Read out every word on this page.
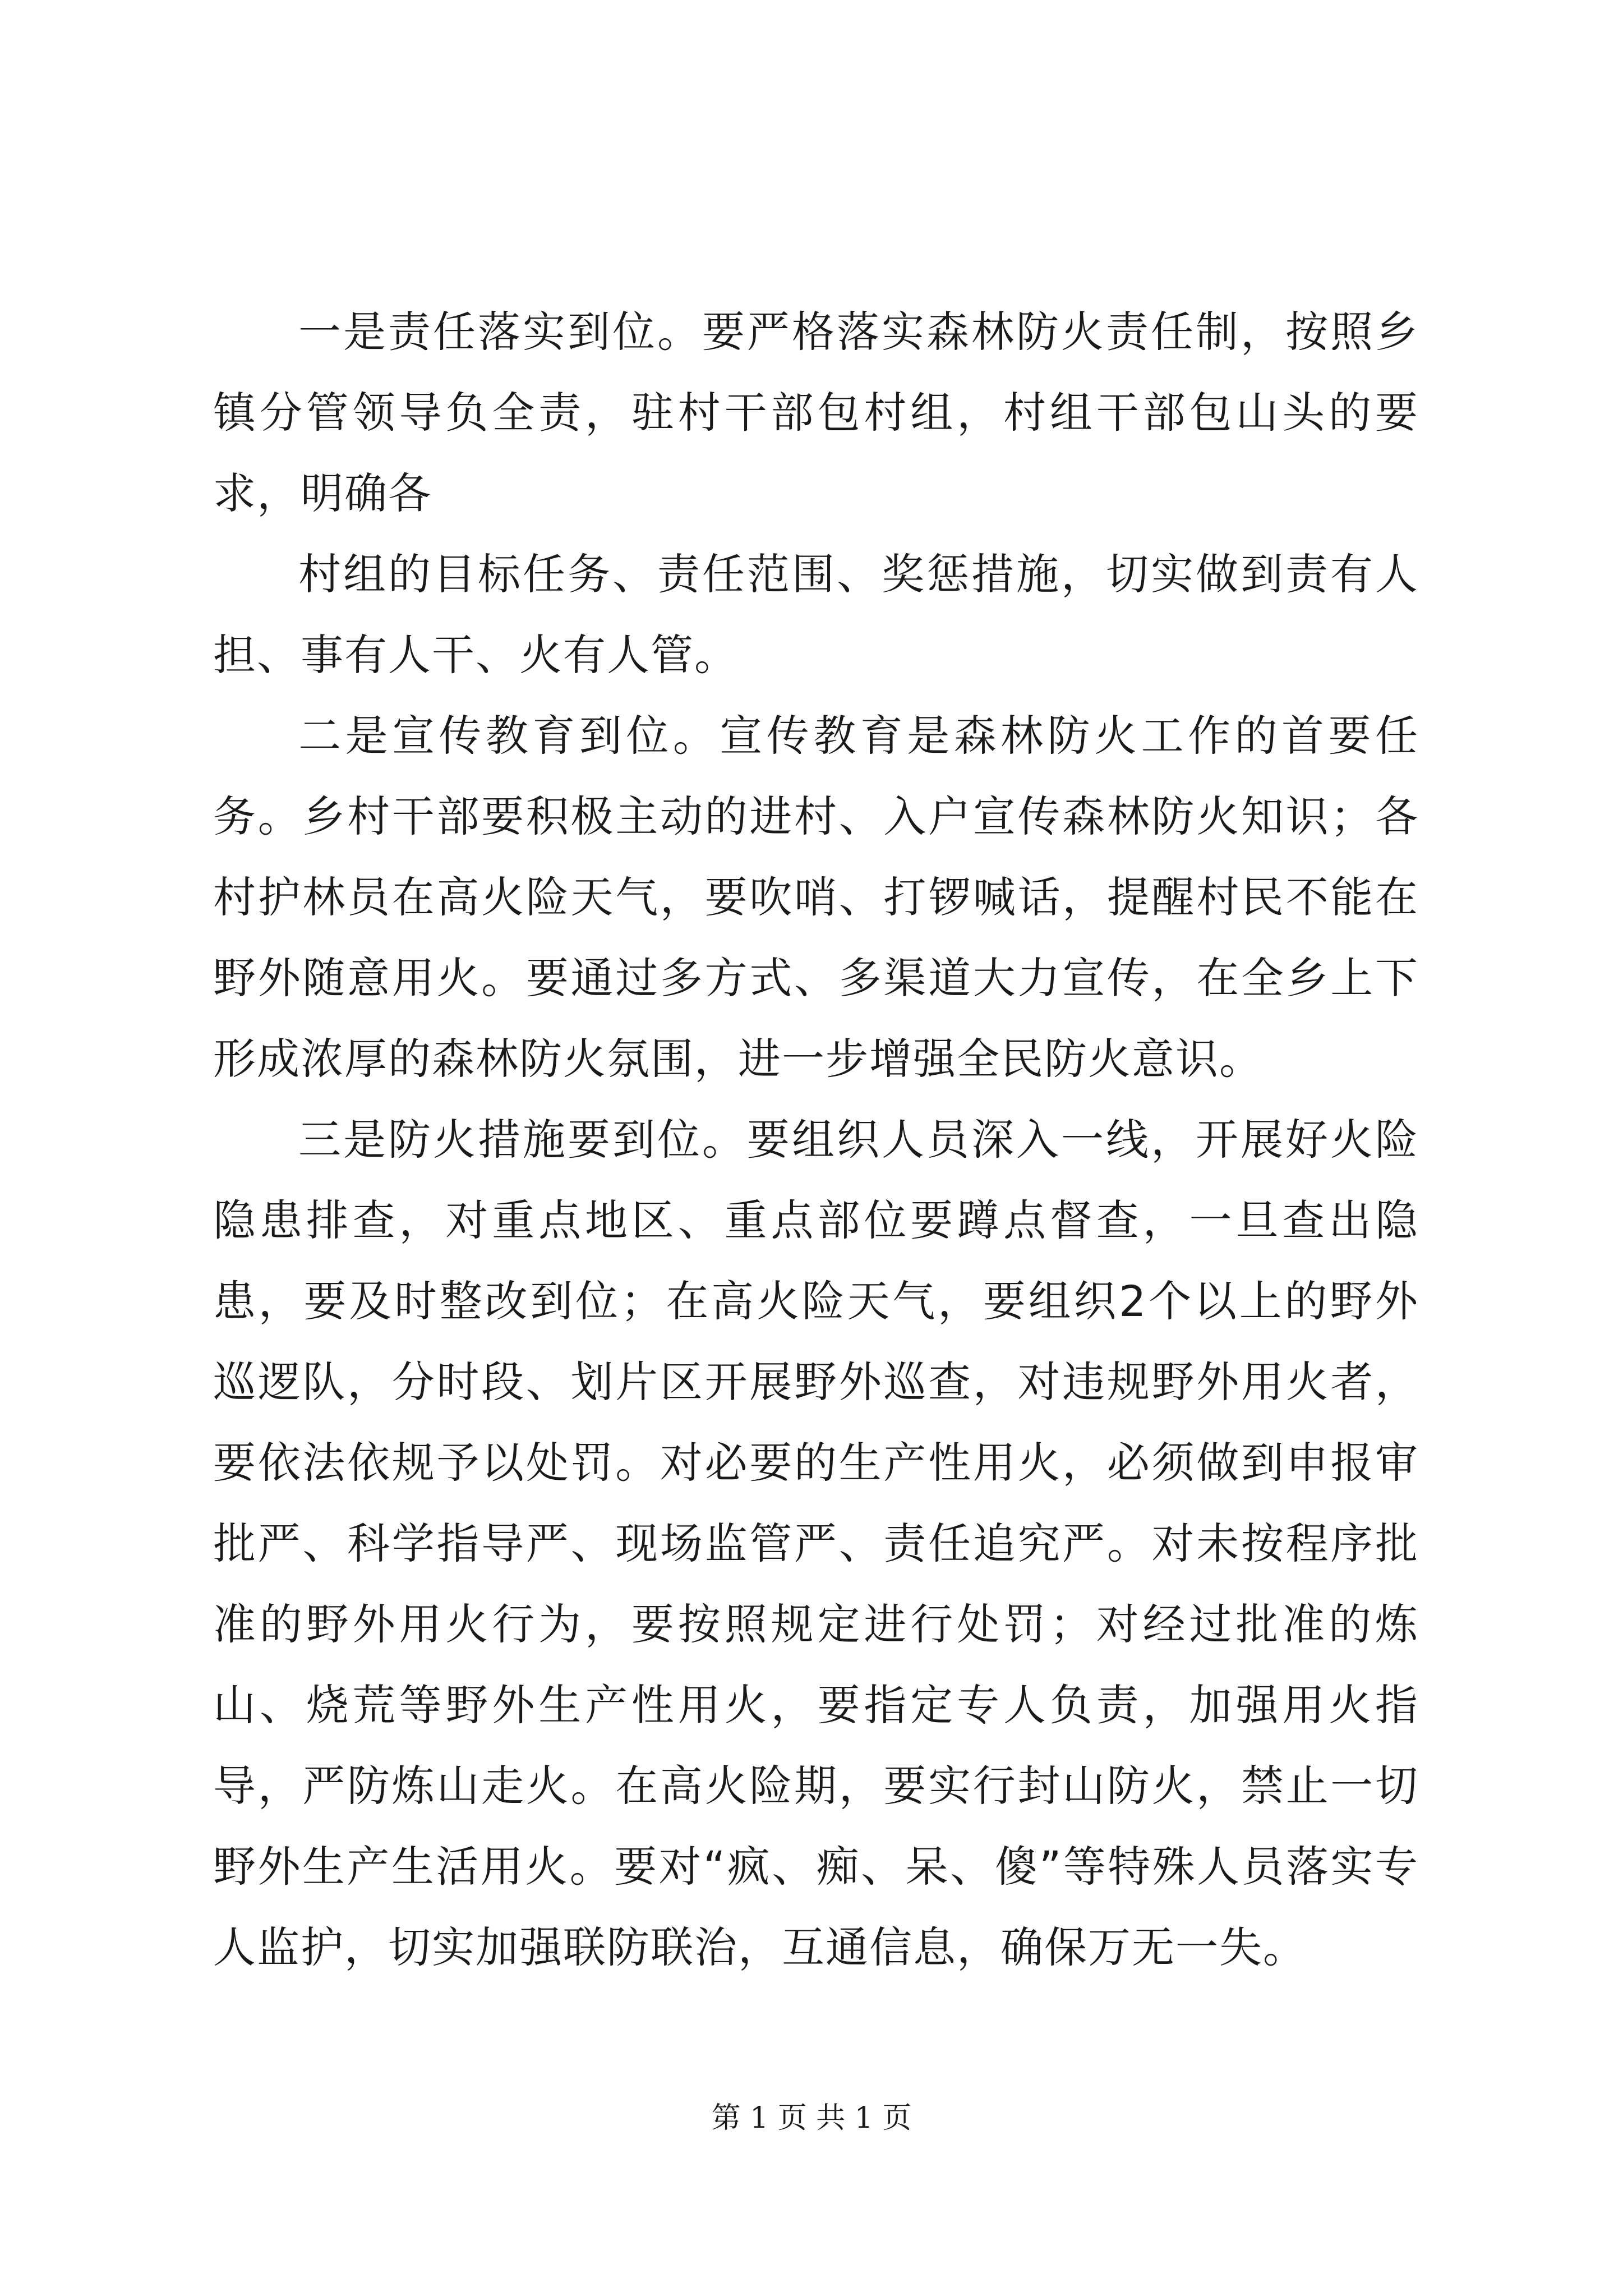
一是责任落实到位。要严格落实森林防火责任制，按照乡镇分管领导负全责，驻村干部包村组，村组干部包山头的要求，明确各

村组的目标任务、责任范围、奖惩措施，切实做到责有人担、事有人干、火有人管。

二是宣传教育到位。宣传教育是森林防火工作的首要任务。乡村干部要积极主动的进村、入户宣传森林防火知识；各村护林员在高火险天气，要吹哨、打锣喊话，提醒村民不能在野外随意用火。要通过多方式、多渠道大力宣传，在全乡上下形成浓厚的森林防火氛围，进一步增强全民防火意识。

三是防火措施要到位。要组织人员深入一线，开展好火险隐患排查，对重点地区、重点部位要蹲点督查，一旦查出隐患，要及时整改到位；在高火险天气，要组织2个以上的野外巡逻队，分时段、划片区开展野外巡查，对违规野外用火者，要依法依规予以处罚。对必要的生产性用火，必须做到申报审批严、科学指导严、现场监管严、责任追究严。对未按程序批准的野外用火行为，要按照规定进行处罚；对经过批准的炼山、烧荒等野外生产性用火，要指定专人负责，加强用火指导，严防炼山走火。在高火险期，要实行封山防火，禁止一切野外生产生活用火。要对“疯、痴、呆、傻”等特殊人员落实专人监护，切实加强联防联治，互通信息，确保万无一失。

第 1 页 共 1 页
